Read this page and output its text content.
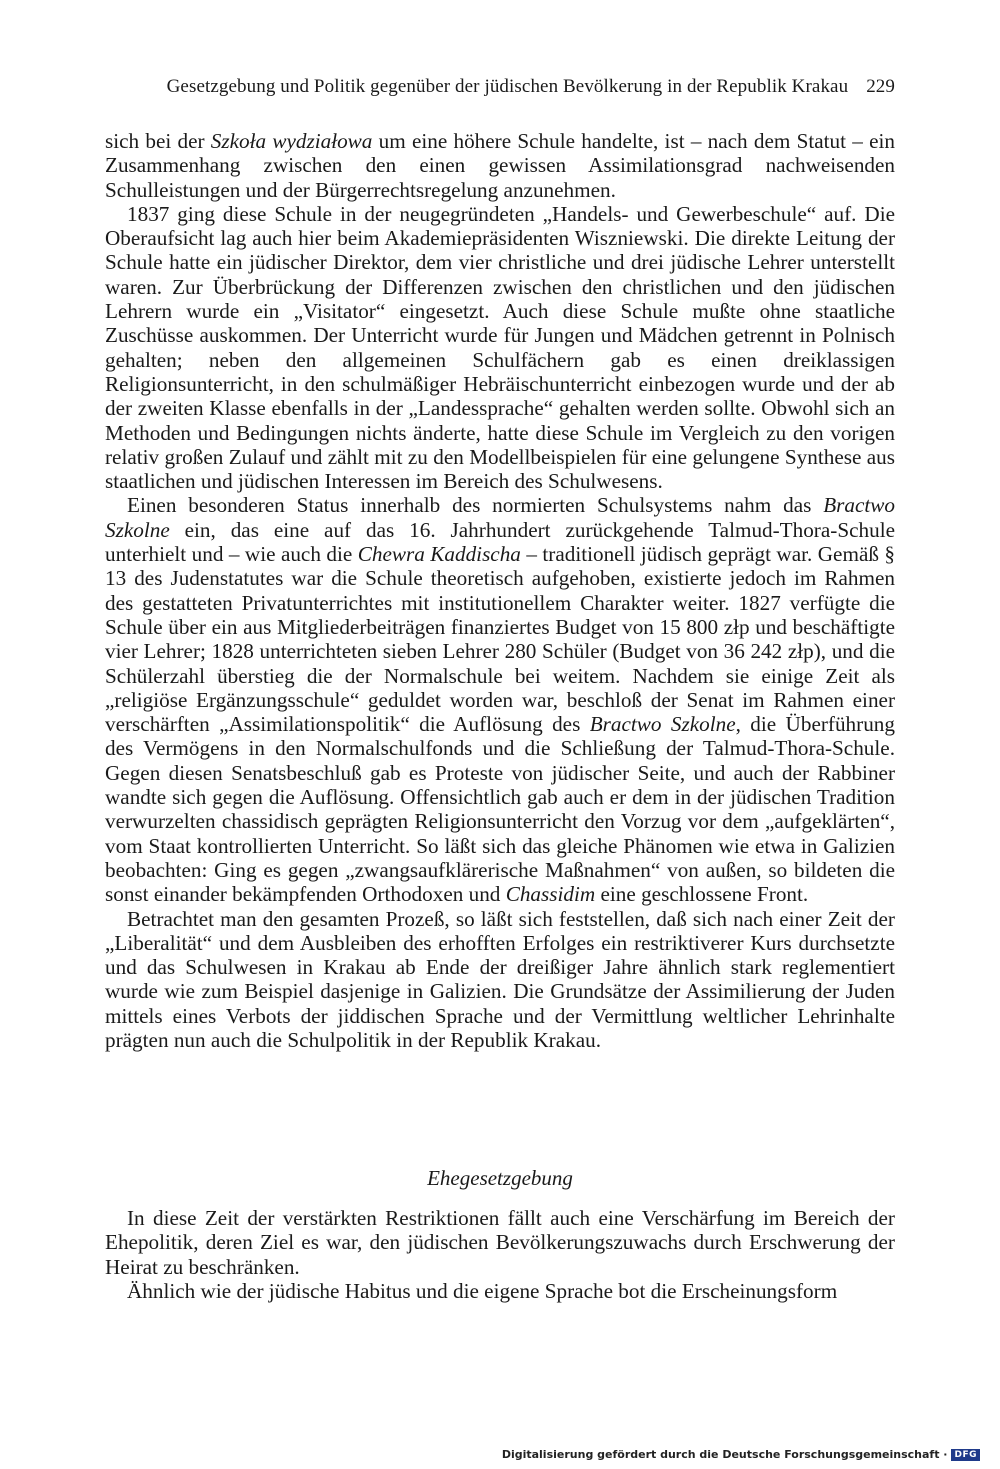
Gesetzgebung und Politik gegenüber der jüdischen Bevölkerung in der Republik Krakau 229

sich bei der Szkoła wydziałowa um eine höhere Schule handelte, ist – nach dem Statut – ein Zusammenhang zwischen den einen gewissen Assimilationsgrad nachweisenden Schulleistungen und der Bürgerrechtsregelung anzunehmen.

1837 ging diese Schule in der neugegründeten „Handels- und Gewerbeschule“ auf. Die Oberaufsicht lag auch hier beim Akademiepräsidenten Wiszniewski. Die direkte Leitung der Schule hatte ein jüdischer Direktor, dem vier christliche und drei jüdische Lehrer unterstellt waren. Zur Überbrückung der Differenzen zwischen den christlichen und den jüdischen Lehrern wurde ein „Visitator“ eingesetzt. Auch diese Schule mußte ohne staatliche Zuschüsse auskommen. Der Unterricht wurde für Jungen und Mädchen getrennt in Polnisch gehalten; neben den allgemeinen Schulfächern gab es einen dreiklassigen Religionsunterricht, in den schulmäßiger Hebräischunterricht einbezogen wurde und der ab der zweiten Klasse ebenfalls in der „Landessprache“ gehalten werden sollte. Obwohl sich an Methoden und Bedingungen nichts änderte, hatte diese Schule im Vergleich zu den vorigen relativ großen Zulauf und zählt mit zu den Modellbeispielen für eine gelungene Synthese aus staatlichen und jüdischen Interessen im Bereich des Schulwesens.

Einen besonderen Status innerhalb des normierten Schulsystems nahm das Bractwo Szkolne ein, das eine auf das 16. Jahrhundert zurückgehende Talmud-Thora-Schule unterhielt und – wie auch die Chewra Kaddischa – traditionell jüdisch geprägt war. Gemäß § 13 des Judenstatutes war die Schule theoretisch aufgehoben, existierte jedoch im Rahmen des gestatteten Privatunterrichtes mit institutionellem Charakter weiter. 1827 verfügte die Schule über ein aus Mitgliederbeiträgen finanziertes Budget von 15 800 złp und beschäftigte vier Lehrer; 1828 unterrichteten sieben Lehrer 280 Schüler (Budget von 36 242 złp), und die Schülerzahl überstieg die der Normalschule bei weitem. Nachdem sie einige Zeit als „religiöse Ergänzungsschule“ geduldet worden war, beschloß der Senat im Rahmen einer verschärften „Assimilationspolitik“ die Auflösung des Bractwo Szkolne, die Überführung des Vermögens in den Normalschulfonds und die Schließung der Talmud-Thora-Schule. Gegen diesen Senatsbeschluß gab es Proteste von jüdischer Seite, und auch der Rabbiner wandte sich gegen die Auflösung. Offensichtlich gab auch er dem in der jüdischen Tradition verwurzelten chassidisch geprägten Religionsunterricht den Vorzug vor dem „aufgeklärten“, vom Staat kontrollierten Unterricht. So läßt sich das gleiche Phänomen wie etwa in Galizien beobachten: Ging es gegen „zwangsaufklärerische Maßnahmen“ von außen, so bildeten die sonst einander bekämpfenden Orthodoxen und Chassidim eine geschlossene Front.

Betrachtet man den gesamten Prozeß, so läßt sich feststellen, daß sich nach einer Zeit der „Liberalität“ und dem Ausbleiben des erhofften Erfolges ein restriktiverer Kurs durchsetzte und das Schulwesen in Krakau ab Ende der dreißiger Jahre ähnlich stark reglementiert wurde wie zum Beispiel dasjenige in Galizien. Die Grundsätze der Assimilierung der Juden mittels eines Verbots der jiddischen Sprache und der Vermittlung weltlicher Lehrinhalte prägten nun auch die Schulpolitik in der Republik Krakau.

Ehegesetzgebung

In diese Zeit der verstärkten Restriktionen fällt auch eine Verschärfung im Bereich der Ehepolitik, deren Ziel es war, den jüdischen Bevölkerungszuwachs durch Erschwerung der Heirat zu beschränken.

Ähnlich wie der jüdische Habitus und die eigene Sprache bot die Erscheinungsform

Digitalisierung gefördert durch die Deutsche Forschungsgemeinschaft · DFG
